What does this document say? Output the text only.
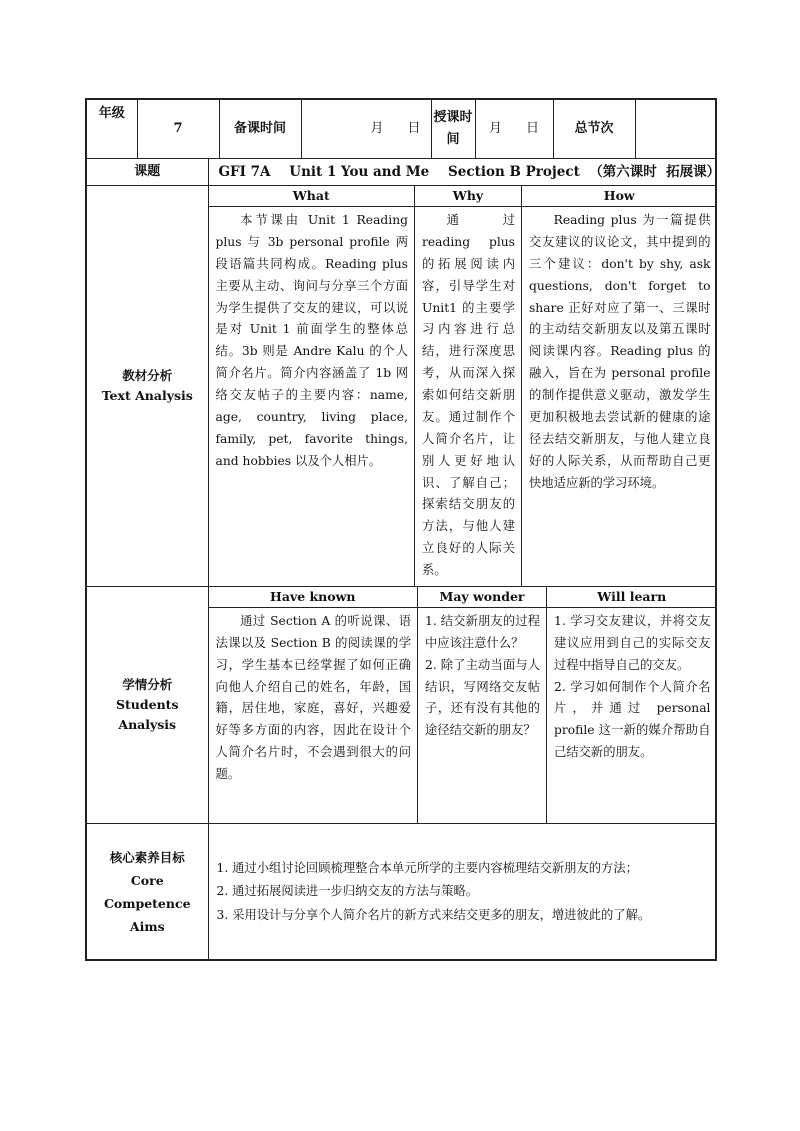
年级	7	备课时间	月 日	授课时间	月 日	总节次	

课题	GFI 7A    Unit 1 You and Me    Section B Project  （第六课时  拓展课）

教材分析
Text Analysis

What	Why	How
本节课由 Unit 1 Reading plus 与 3b personal profile 两段语篇共同构成。Reading plus 主要从主动、询问与分享三个方面为学生提供了交友的建议，可以说是对 Unit 1 前面学生的整体总结。3b 则是 Andre Kalu 的个人简介名片。简介内容涵盖了 1b 网络交友帖子的主要内容：name, age, country, living place, family, pet, favorite things, and hobbies 以及个人相片。	通过 reading plus 的拓展阅读内容，引导学生对 Unit1 的主要学习内容进行总结，进行深度思考，从而深入探索如何结交新朋友。通过制作个人简介名片，让别人更好地认识、了解自己；探索结交朋友的方法，与他人建立良好的人际关系。	Reading plus 为一篇提供交友建议的议论文，其中提到的三个建议：don't by shy, ask questions, don't forget to share 正好对应了第一、三课时的主动结交新朋友以及第五课时阅读课内容。Reading plus 的融入，旨在为 personal profile 的制作提供意义驱动，激发学生更加积极地去尝试新的健康的途径去结交新朋友，与他人建立良好的人际关系，从而帮助自己更快地适应新的学习环境。

学情分析
Students Analysis

Have known	May wonder	Will learn
通过 Section A 的听说课、语法课以及 Section B 的阅读课的学习，学生基本已经掌握了如何正确向他人介绍自己的姓名，年龄，国籍，居住地，家庭，喜好，兴趣爱好等多方面的内容，因此在设计个人简介名片时，不会遇到很大的问题。	1. 结交新朋友的过程中应该注意什么？
2. 除了主动当面与人结识，写网络交友帖子，还有没有其他的途径结交新的朋友？	1. 学习交友建议，并将交友建议应用到自己的实际交友过程中指导自己的交友。
2. 学习如何制作个人简介名片，并通过 personal profile 这一新的媒介帮助自己结交新的朋友。

核心素养目标
Core
Competence
Aims

1. 通过小组讨论回顾梳理整合本单元所学的主要内容梳理结交新朋友的方法；
2. 通过拓展阅读进一步归纳交友的方法与策略。
3. 采用设计与分享个人简介名片的新方式来结交更多的朋友，增进彼此的了解。
